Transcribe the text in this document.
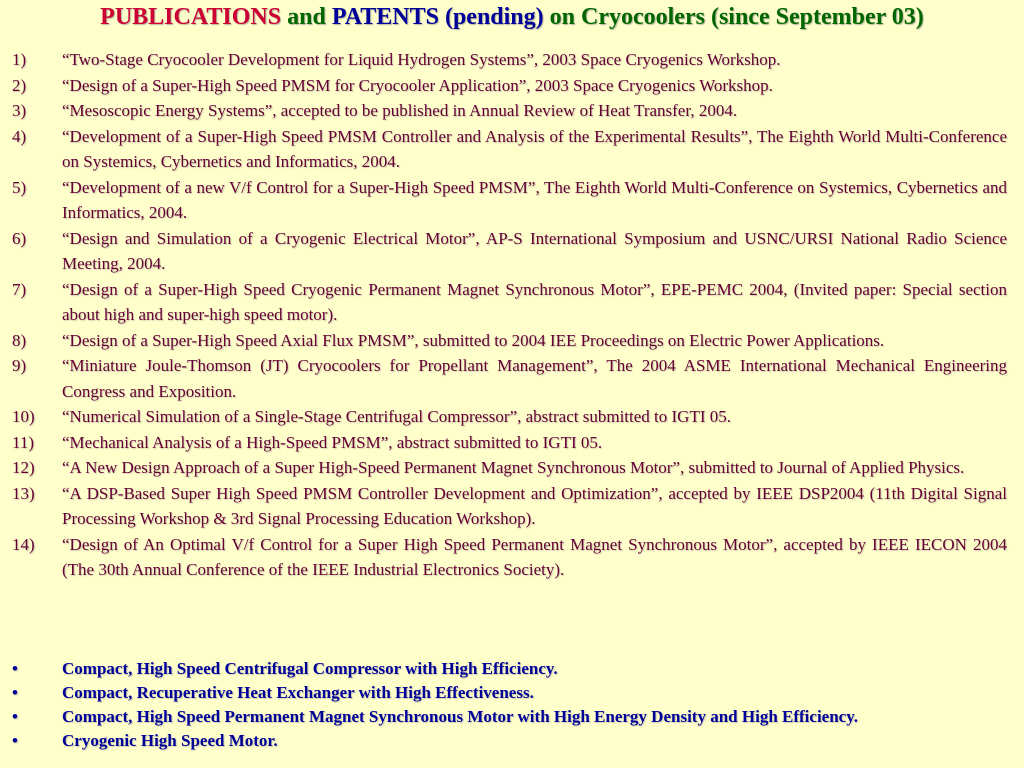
PUBLICATIONS and PATENTS (pending) on Cryocoolers (since September 03)
1) “Two-Stage Cryocooler Development for Liquid Hydrogen Systems”, 2003 Space Cryogenics Workshop.
2) “Design of a Super-High Speed PMSM for Cryocooler Application”, 2003 Space Cryogenics Workshop.
3) “Mesoscopic Energy Systems”, accepted to be published in Annual Review of Heat Transfer, 2004.
4) “Development of a Super-High Speed PMSM Controller and Analysis of the Experimental Results”, The Eighth World Multi-Conference on Systemics, Cybernetics and Informatics, 2004.
5) “Development of a new V/f Control for a Super-High Speed PMSM”, The Eighth World Multi-Conference on Systemics, Cybernetics and Informatics, 2004.
6) “Design and Simulation of a Cryogenic Electrical Motor”, AP-S International Symposium and USNC/URSI National Radio Science Meeting, 2004.
7) “Design of a Super-High Speed Cryogenic Permanent Magnet Synchronous Motor”, EPE-PEMC 2004, (Invited paper: Special section about high and super-high speed motor).
8) “Design of a Super-High Speed Axial Flux PMSM”, submitted to 2004 IEE Proceedings on Electric Power Applications.
9) “Miniature Joule-Thomson (JT) Cryocoolers for Propellant Management”, The 2004 ASME International Mechanical Engineering Congress and Exposition.
10) “Numerical Simulation of a Single-Stage Centrifugal Compressor”, abstract submitted to IGTI 05.
11) “Mechanical Analysis of a High-Speed PMSM”, abstract submitted to IGTI 05.
12) “A New Design Approach of a Super High-Speed Permanent Magnet Synchronous Motor”, submitted to Journal of Applied Physics.
13) “A DSP-Based Super High Speed PMSM Controller Development and Optimization”, accepted by IEEE DSP2004 (11th Digital Signal Processing Workshop & 3rd Signal Processing Education Workshop).
14) “Design of An Optimal V/f Control for a Super High Speed Permanent Magnet Synchronous Motor”, accepted by IEEE IECON 2004 (The 30th Annual Conference of the IEEE Industrial Electronics Society).
•	Compact, High Speed Centrifugal Compressor with High Efficiency.
•	Compact, Recuperative Heat Exchanger with High Effectiveness.
•	Compact, High Speed Permanent Magnet Synchronous Motor with High Energy Density and High Efficiency.
•	Cryogenic High Speed Motor.
